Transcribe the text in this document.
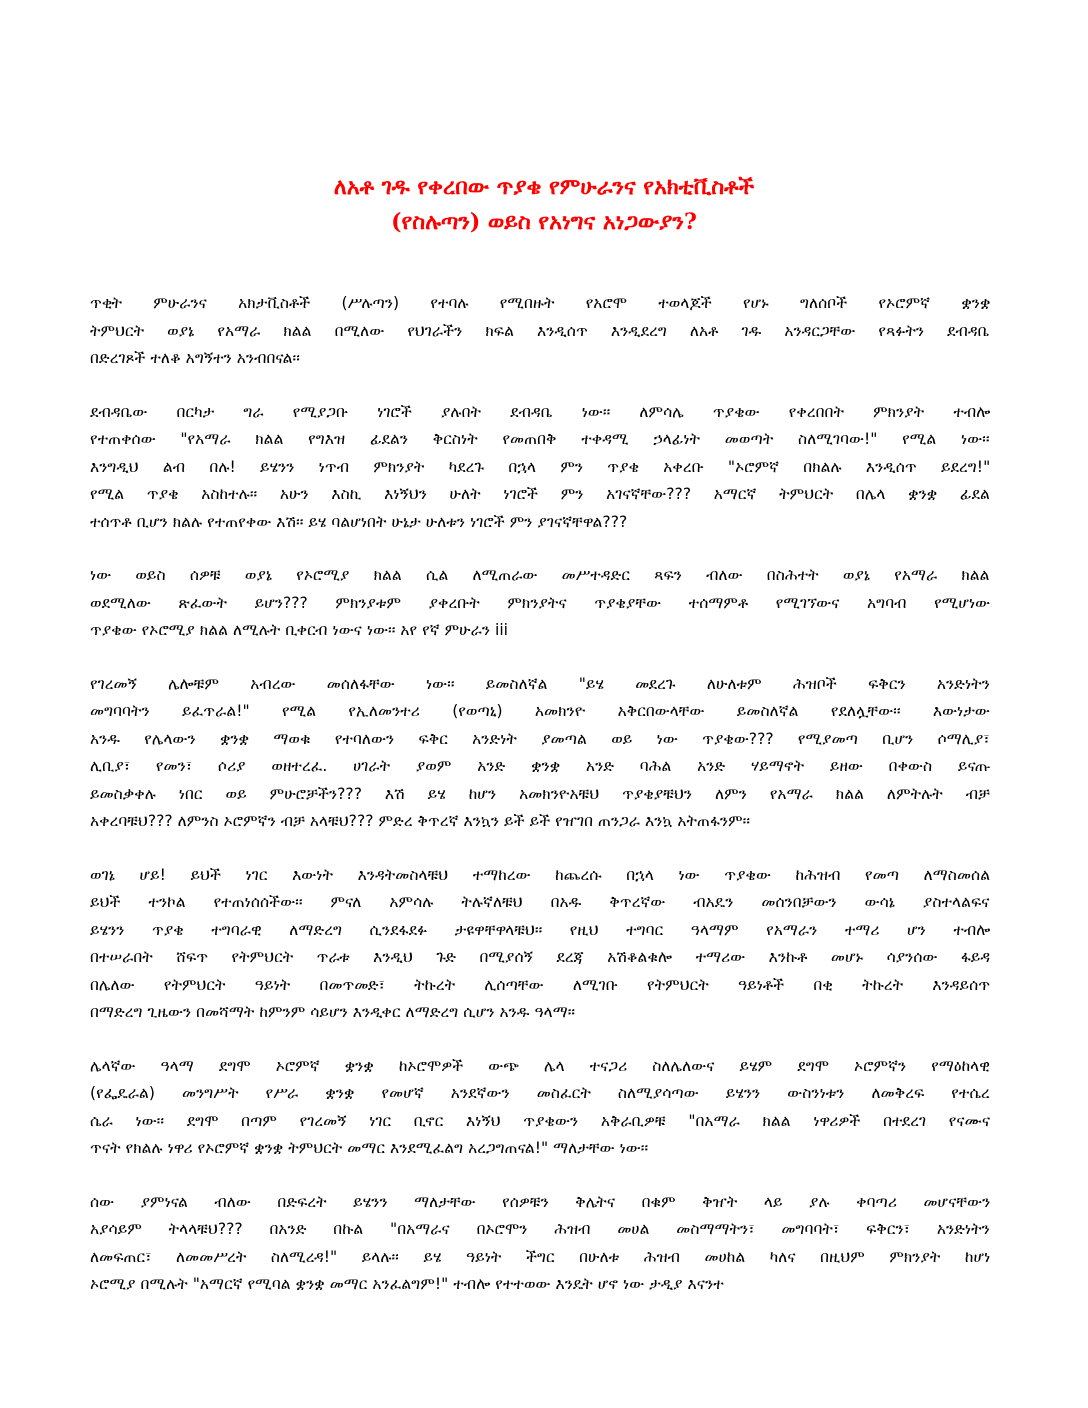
ለአቶ ገዱ የቀረበው ጥያቄ የምሁራንና የአክቲቪስቶች
(የስሉጣን) ወይስ የአነግና አነጋውያን?
ጥቂት ምሁራንና አክታቪስቶች (ሥሉጣን) የተባሉ የሚበዙት የአሮሞ ተወላጆች የሆኑ ግለሰቦች የኦሮምኛ ቋንቋ
ትምህርት ወያኔ የአማራ ክልል በሚለው የህገራችን ክፍል እንዲሰጥ እንዲደረግ ለአቶ ገዱ አንዳርጋቸው የጻፉትን ደብዳቤ
በድረገጾች ተለቆ አግኝተን አንብበናል፡፡
ደብዳቤው በርካታ ግራ የሚያጋቡ ነገሮች ያሉበት ደብዳቤ ነው፡፡ ለምሳሌ ጥያቄው የቀረበበት ምክንያት ተብሎ
የተጠቀሰው "የአማራ ክልል የግእዝ ፊደልን ቅርስነት የመጠበቅ ተቀዳሚ ኃላፊነት መወጣት ስለሚገባው!" የሚል ነው፡፡
እንግዲህ ልብ በሉ! ይሄንን ነጥብ ምክንያት ካደረጉ በኋላ ምን ጥያቄ አቀረቡ "ኦሮምኛ በክልሉ እንዲሰጥ ይደረግ!"
የሚል ጥያቄ አስከተሉ፡፡ አሁን እስኪ እነኝህን ሁለት ነገሮች ምን አገናኛቸው??? አማርኛ ትምህርት በሌላ ቋንቋ ፊደል
ተሰጥቶ ቢሆን ክልሉ የተጠየቀው እሽ፡፡ ይሄ ባልሆነበት ሁኔታ ሁለቱን ነገሮች ምን ያገናኛቸዋል???
ነው ወይስ ሰዎቹ ወያኔ የኦሮሚያ ክልል ሲል ለሚጠራው መሥተዳድር ጻፍን ብለው በስሕተት ወያኔ የአማራ ክልል
ወደሚለው ጽፈውት ይሆን??? ምክንያቱም ያቀረቡት ምክንያትና ጥያቄያቸው ተሰማምቶ የሚገኘውና አግባብ የሚሆነው
ጥያቄው የኦሮሚያ ክልል ለሚሉት ቢቀርብ ነውና ነው፡፡ አየ የኛ ምሁራን iii
የገረመኝ ሌሎቹም አብረው መሰለፋቸው ነው፡፡ ይመስለኛል "ይሄ መደረጉ ለሁለቱም ሕዝቦች ፍቅርን አንድነትን
መግባባትን ይፈጥራል!" የሚል የኢለመንተሪ (የወጣኒ) አመክንዮ አቅርበውላቸው ይመስለኛል የደለሏቸው፡፡ እውነታው
አንዱ የሌላውን ቋንቋ ማወቁ የተባለውን ፍቅር አንድነት ያመጣል ወይ ነው ጥያቄው??? የሚያመጣ ቢሆን ሶማሊያ፣
ሊቢያ፣ የመን፣ ሶሪያ ወዘተረፈ. ሀገራት ያወም አንድ ቋንቋ አንድ ባሕል አንድ ሃይማኖት ይዘው በቀውስ ይናጡ
ይመስቃቀሉ ነበር ወይ ምሁሮቻችን??? እሽ ይሄ ከሆን አመክንዮአቹህ ጥያቄያቹህን ለምን የአማራ ክልል ለምትሉት ብቻ
አቀረባቹህ??? ለምንስ ኦሮምኛን ብቻ አላቹህ??? ምድረ ቅጥረኛ እንኳን ይች ይች የዠገበ ጠንጋራ እንኳ አትጠፋንም፡፡
ወገኔ ሆይ! ይህች ነገር እውነት እንዳትመስላቹህ ተማከረው ከጨረሱ በኋላ ነው ጥያቄው ከሕዝብ የመጣ ለማስመሰል
ይህች ተንኮል የተጠነሰሰችው፡፡ ምናለ አምሳሉ ትሉኛለቹህ በአዱ ቅጥረኛው ብአዴን መሰንበቻውን ውሳኔ ያስተላልፍና
ይሄንን ጥያቄ ተግባራዊ ለማድረግ ሲንደፋደፉ ታዩዋቸዋላቹህ፡፡ የዚህ ተግባር ዓላማም የአማራን ተማሪ ሆን ተብሎ
በተሠራበት ሸፍጥ የትምህርት ጥራቱ እንዲህ ጉድ በሚያሰኝ ደረጃ አሽቆልቁሎ ተማሪው እንኩቶ መሆኑ ሳያንሰው ፋይዳ
በሌለው የትምህርት ዓይነት በመጥመድ፣ ትኩረት ሊሰጣቸው ለሚገቡ የትምህርት ዓይነቶች በቂ ትኩረት እንዳይሰጥ
በማድረግ ጊዜውን በመሻማት ከምንም ሳይሆን እንዲቀር ለማድረግ ሲሆን አንዱ ዓላማ፡፡
ሌላኛው ዓላማ ደግሞ ኦሮምኛ ቋንቋ ከኦሮሞዎች ውጭ ሌላ ተናጋሪ ስለሌለውና ይሄም ደግሞ ኦሮምኛን የማዕከላዊ
(የፌዴራል) መንግሥት የሥራ ቋንቋ የመሆኛ አንደኛውን መስፈርት ስለሚያሳጣው ይሄንን ውስንነቱን ለመቅረፍ የተሴረ
ሴራ ነው፡፡ ደግሞ በጣም የገረመኝ ነገር ቢኖር እነኝህ ጥያቄውን አቅራቢዎቹ "በአማራ ክልል ነዋሪዎች በተደረገ የናሙና
ጥናት የክልሉ ነዋሪ የኦሮምኛ ቋንቋ ትምህርት መማር እንደሚፈልግ አረጋግጠናል!" ማለታቸው ነው፡፡
ሰው ያምነናል ብለው በድፍረት ይሄንን ማለታቸው የሰዎቹን ቅሌትና በቁም ቅዠት ላይ ያሉ ቀባጣሪ መሆናቸውን
አያሳይም ትላላቹህ??? በአንድ በኩል "በአማራና በኦሮሞን ሕዝብ መሀል መስማማትን፣ መግባባት፣ ፍቅርን፣ አንድነትን
ለመፍጠር፣ ለመመሥረት ስለሚረዳ!" ይላሉ፡፡ ይሄ ዓይነት ችግር በሁለቱ ሕዝብ መሀከል ካለና በዚህም ምክንያት ከሆነ
ኦሮሚያ በሚሉት "አማርኛ የሚባል ቋንቋ መማር አንፈልግም!" ተብሎ የተተወው እንዴት ሆኖ ነው ታዲያ እናንተ
